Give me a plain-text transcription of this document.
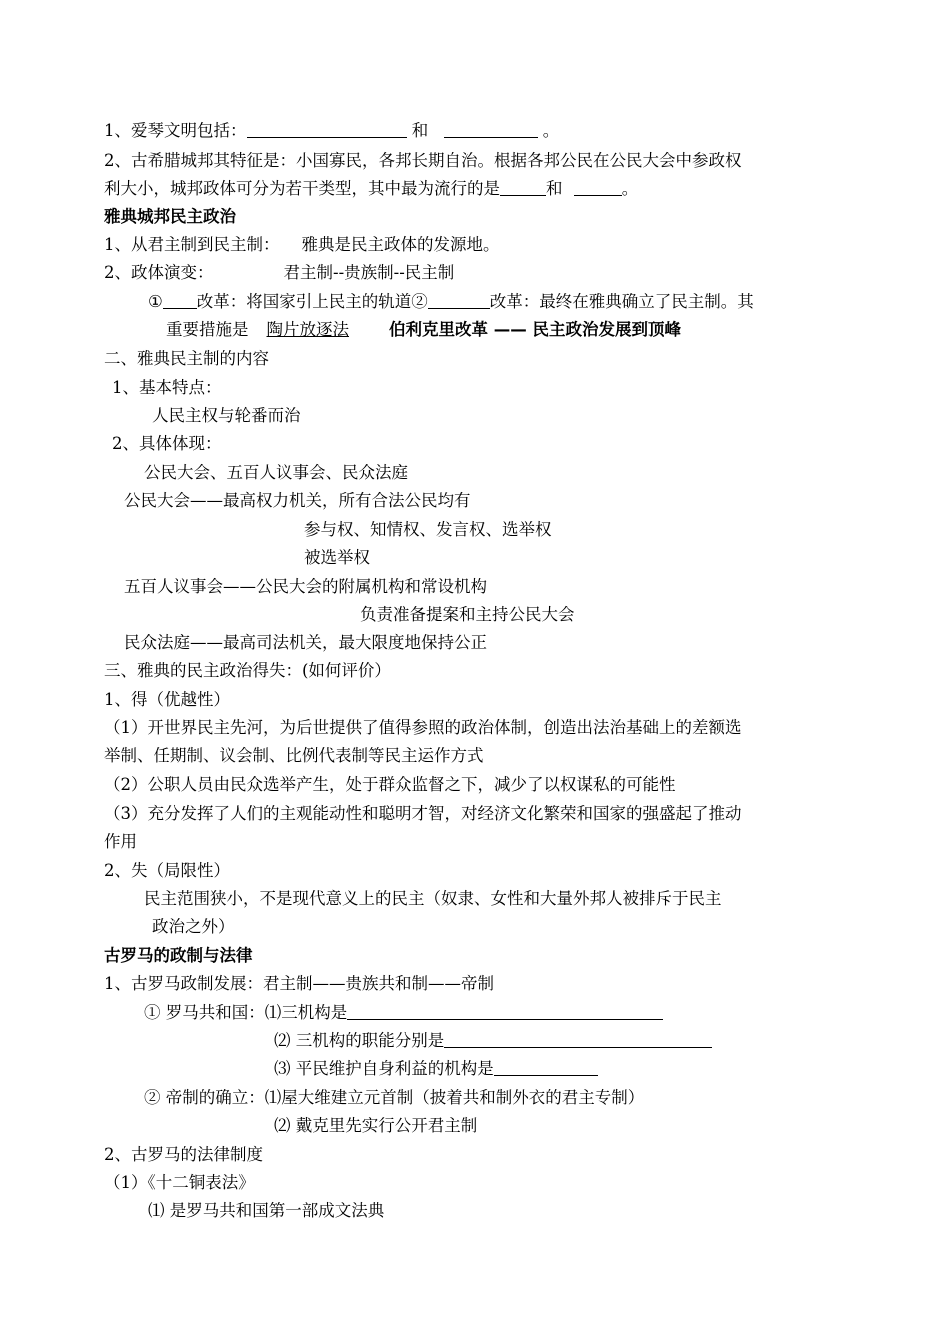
1、爱琴文明包括：	和	。
2、古希腊城邦其特征是：小国寡民，各邦长期自治。根据各邦公民在公民大会中参政权
利大小，城邦政体可分为若干类型，其中最为流行的是	和	。
雅典城邦民主政治
1、从君主制到民主制： 雅典是民主政体的发源地。
2、政体演变：	君主制--贵族制--民主制
① 改革：将国家引上民主的轨道②	改革：最终在雅典确立了民主制。其
重要措施是 陶片放逐法 伯利克里改革 —— 民主政治发展到顶峰
二、雅典民主制的内容
1、基本特点：
人民主权与轮番而治
2、具体体现：
公民大会、五百人议事会、民众法庭
公民大会——最高权力机关，所有合法公民均有
参与权、知情权、发言权、选举权
被选举权
五百人议事会——公民大会的附属机构和常设机构
负责准备提案和主持公民大会
民众法庭——最高司法机关，最大限度地保持公正
三、雅典的民主政治得失：(如何评价）
1、得（优越性）
（1）开世界民主先河，为后世提供了值得参照的政治体制，创造出法治基础上的差额选
举制、任期制、议会制、比例代表制等民主运作方式
（2）公职人员由民众选举产生，处于群众监督之下，减少了以权谋私的可能性
（3）充分发挥了人们的主观能动性和聪明才智，对经济文化繁荣和国家的强盛起了推动
作用
2、失（局限性）
民主范围狭小，不是现代意义上的民主（奴隶、女性和大量外邦人被排斥于民主
政治之外）
古罗马的政制与法律
1、古罗马政制发展：君主制——贵族共和制——帝制
① 罗马共和国：⑴三机构是
⑵ 三机构的职能分别是
⑶ 平民维护自身利益的机构是
② 帝制的确立：⑴屋大维建立元首制（披着共和制外衣的君主专制）
⑵ 戴克里先实行公开君主制
2、古罗马的法律制度
（1）《十二铜表法》
⑴ 是罗马共和国第一部成文法典
